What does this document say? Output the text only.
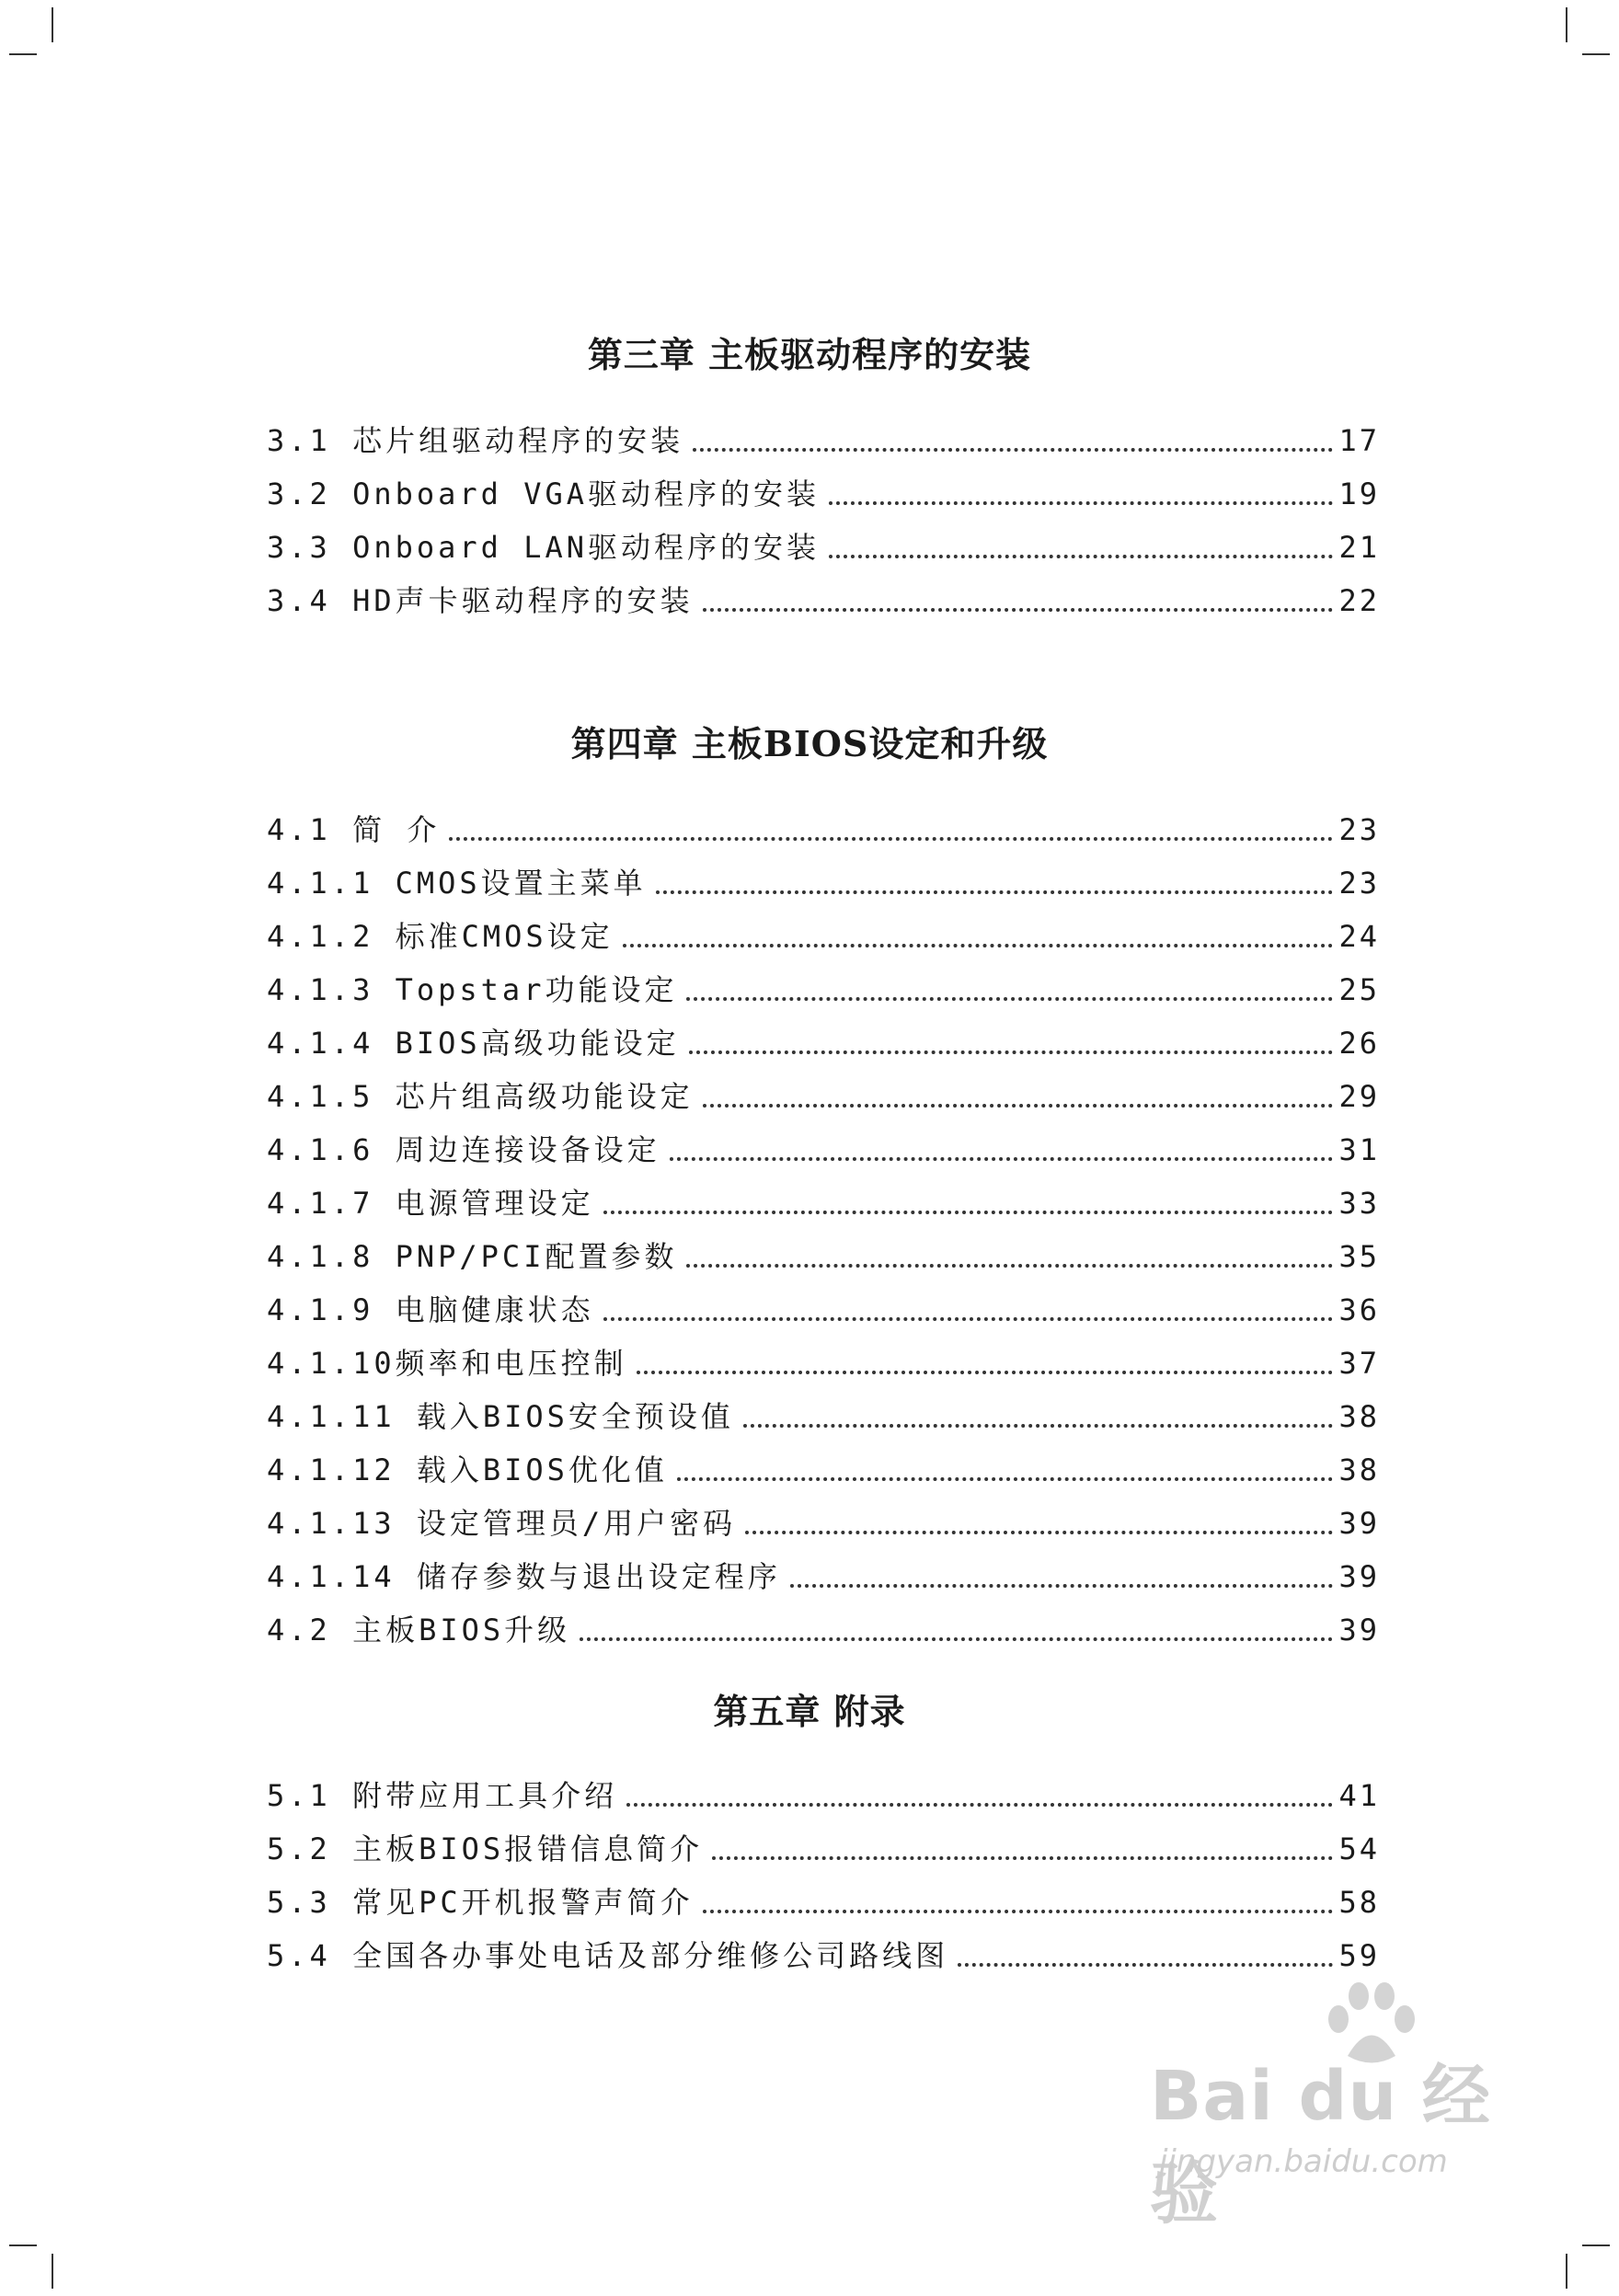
第三章 主板驱动程序的安装
3.1 芯片组驱动程序的安装	17
3.2 Onboard VGA驱动程序的安装	19
3.3 Onboard LAN驱动程序的安装	21
3.4 HD声卡驱动程序的安装	22
第四章 主板BIOS设定和升级
4.1 简 介	23
4.1.1 CMOS设置主菜单	23
4.1.2 标准CMOS设定	24
4.1.3 Topstar功能设定	25
4.1.4 BIOS高级功能设定	26
4.1.5 芯片组高级功能设定	29
4.1.6 周边连接设备设定	31
4.1.7 电源管理设定	33
4.1.8 PNP/PCI配置参数	35
4.1.9 电脑健康状态	36
4.1.10频率和电压控制	37
4.1.11 载入BIOS安全预设值	38
4.1.12 载入BIOS优化值	38
4.1.13 设定管理员/用户密码	39
4.1.14 储存参数与退出设定程序	39
4.2 主板BIOS升级	39
第五章 附录
5.1 附带应用工具介绍	41
5.2 主板BIOS报错信息简介	54
5.3 常见PC开机报警声简介	58
5.4 全国各办事处电话及部分维修公司路线图	59
Bai du 经验
jingyan.baidu.com
